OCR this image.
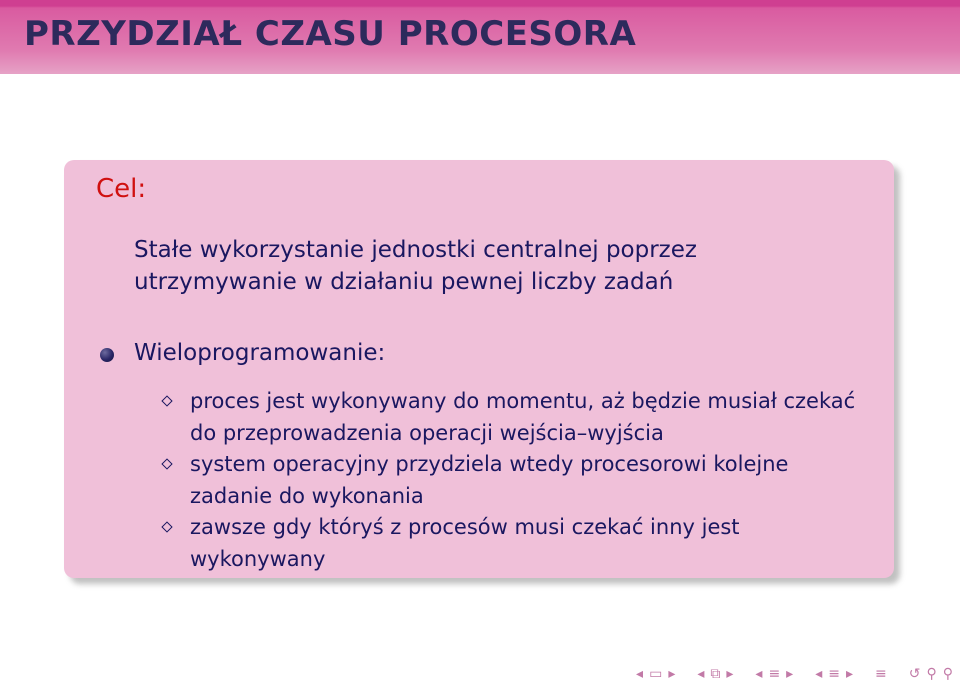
PRZYDZIAŁ CZASU PROCESORA
Cel:
Stałe wykorzystanie jednostki centralnej poprzez utrzymywanie w działaniu pewnej liczby zadań
Wieloprogramowanie:
proces jest wykonywany do momentu, aż będzie musiał czekać do przeprowadzenia operacji wejścia–wyjścia
system operacyjny przydziela wtedy procesorowi kolejne zadanie do wykonania
zawsze gdy któryś z procesów musi czekać inny jest wykonywany
◂ ▭ ▸ ◂ ⧉ ▸ ◂ ≡ ▸ ◂ ≡ ▸ ≡ ↺ ⚲ ⚲
